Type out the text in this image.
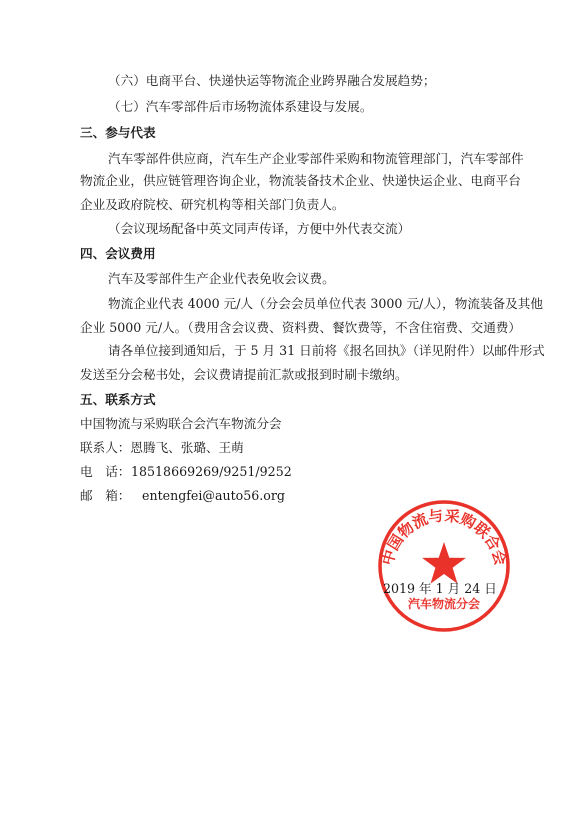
（六）电商平台、快递快运等物流企业跨界融合发展趋势；
（七）汽车零部件后市场物流体系建设与发展。
三、参与代表
汽车零部件供应商，汽车生产企业零部件采购和物流管理部门，汽车零部件
物流企业，供应链管理咨询企业，物流装备技术企业、快递快运企业、电商平台
企业及政府院校、研究机构等相关部门负责人。
（会议现场配备中英文同声传译，方便中外代表交流）
四、会议费用
汽车及零部件生产企业代表免收会议费。
物流企业代表 4000 元/人（分会会员单位代表 3000 元/人），物流装备及其他
企业 5000 元/人。（费用含会议费、资料费、餐饮费等，不含住宿费、交通费）
请各单位接到通知后，于 5 月 31 日前将《报名回执》（详见附件）以邮件形式
发送至分会秘书处，会议费请提前汇款或报到时刷卡缴纳。
五、联系方式
中国物流与采购联合会汽车物流分会
联系人：恩腾飞、张璐、王萌
电　话：18518669269/9251/9252
邮　箱： entengfei@auto56.org
中国物流与采购联合会
汽车物流分会
2019 年 1 月 24 日
